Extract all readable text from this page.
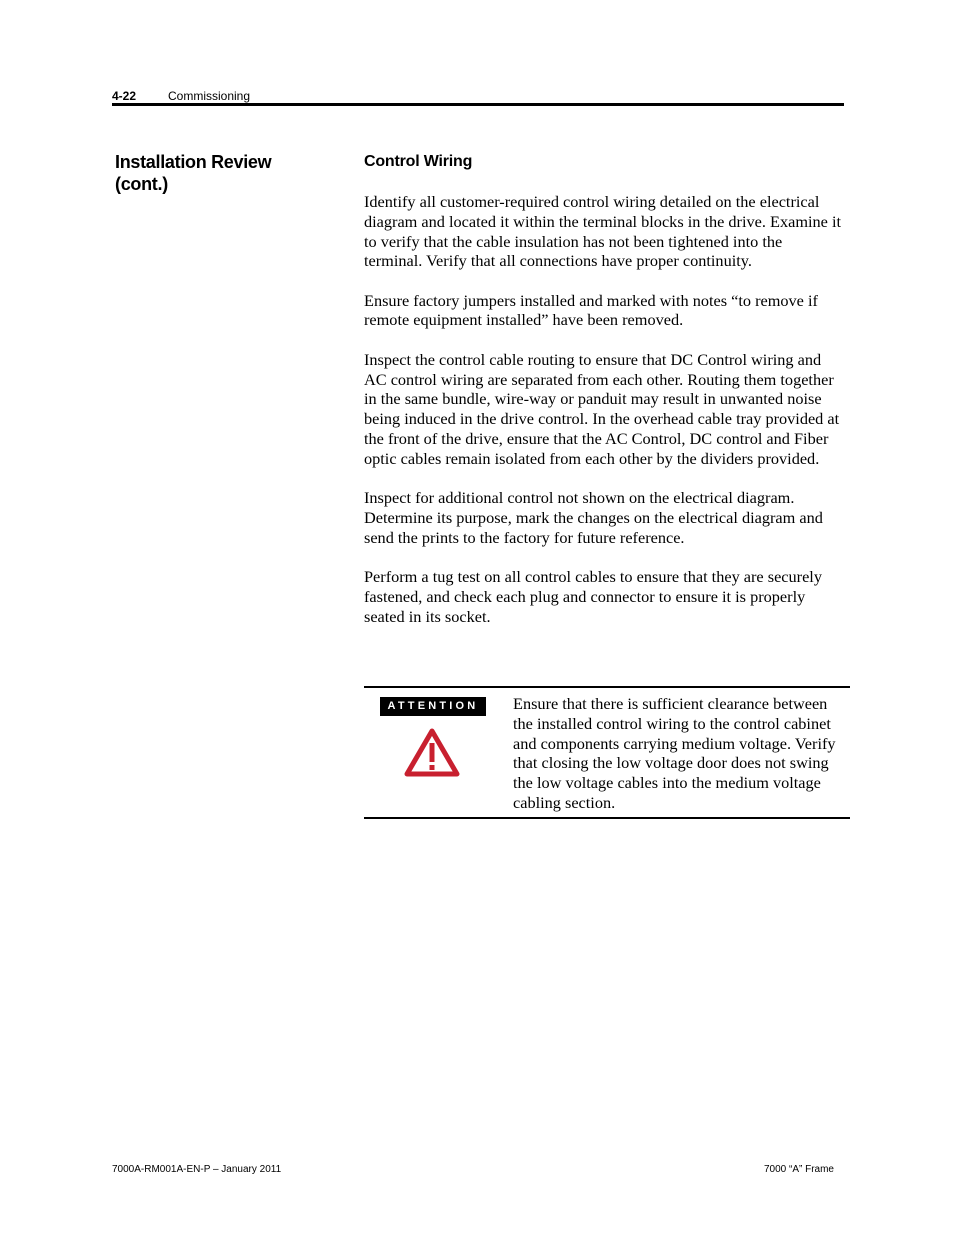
4-22	Commissioning
Installation Review (cont.)
Control Wiring

Identify all customer-required control wiring detailed on the electrical diagram and located it within the terminal blocks in the drive. Examine it to verify that the cable insulation has not been tightened into the terminal. Verify that all connections have proper continuity.

Ensure factory jumpers installed and marked with notes “to remove if remote equipment installed” have been removed.

Inspect the control cable routing to ensure that DC Control wiring and AC control wiring are separated from each other. Routing them together in the same bundle, wire-way or panduit may result in unwanted noise being induced in the drive control. In the overhead cable tray provided at the front of the drive, ensure that the AC Control, DC control and Fiber optic cables remain isolated from each other by the dividers provided.

Inspect for additional control not shown on the electrical diagram. Determine its purpose, mark the changes on the electrical diagram and send the prints to the factory for future reference.

Perform a tug test on all control cables to ensure that they are securely fastened, and check each plug and connector to ensure it is properly seated in its socket.

ATTENTION	Ensure that there is sufficient clearance between the installed control wiring to the control cabinet and components carrying medium voltage. Verify that closing the low voltage door does not swing the low voltage cables into the medium voltage cabling section.
7000A-RM001A-EN-P – January 2011	7000 “A” Frame
